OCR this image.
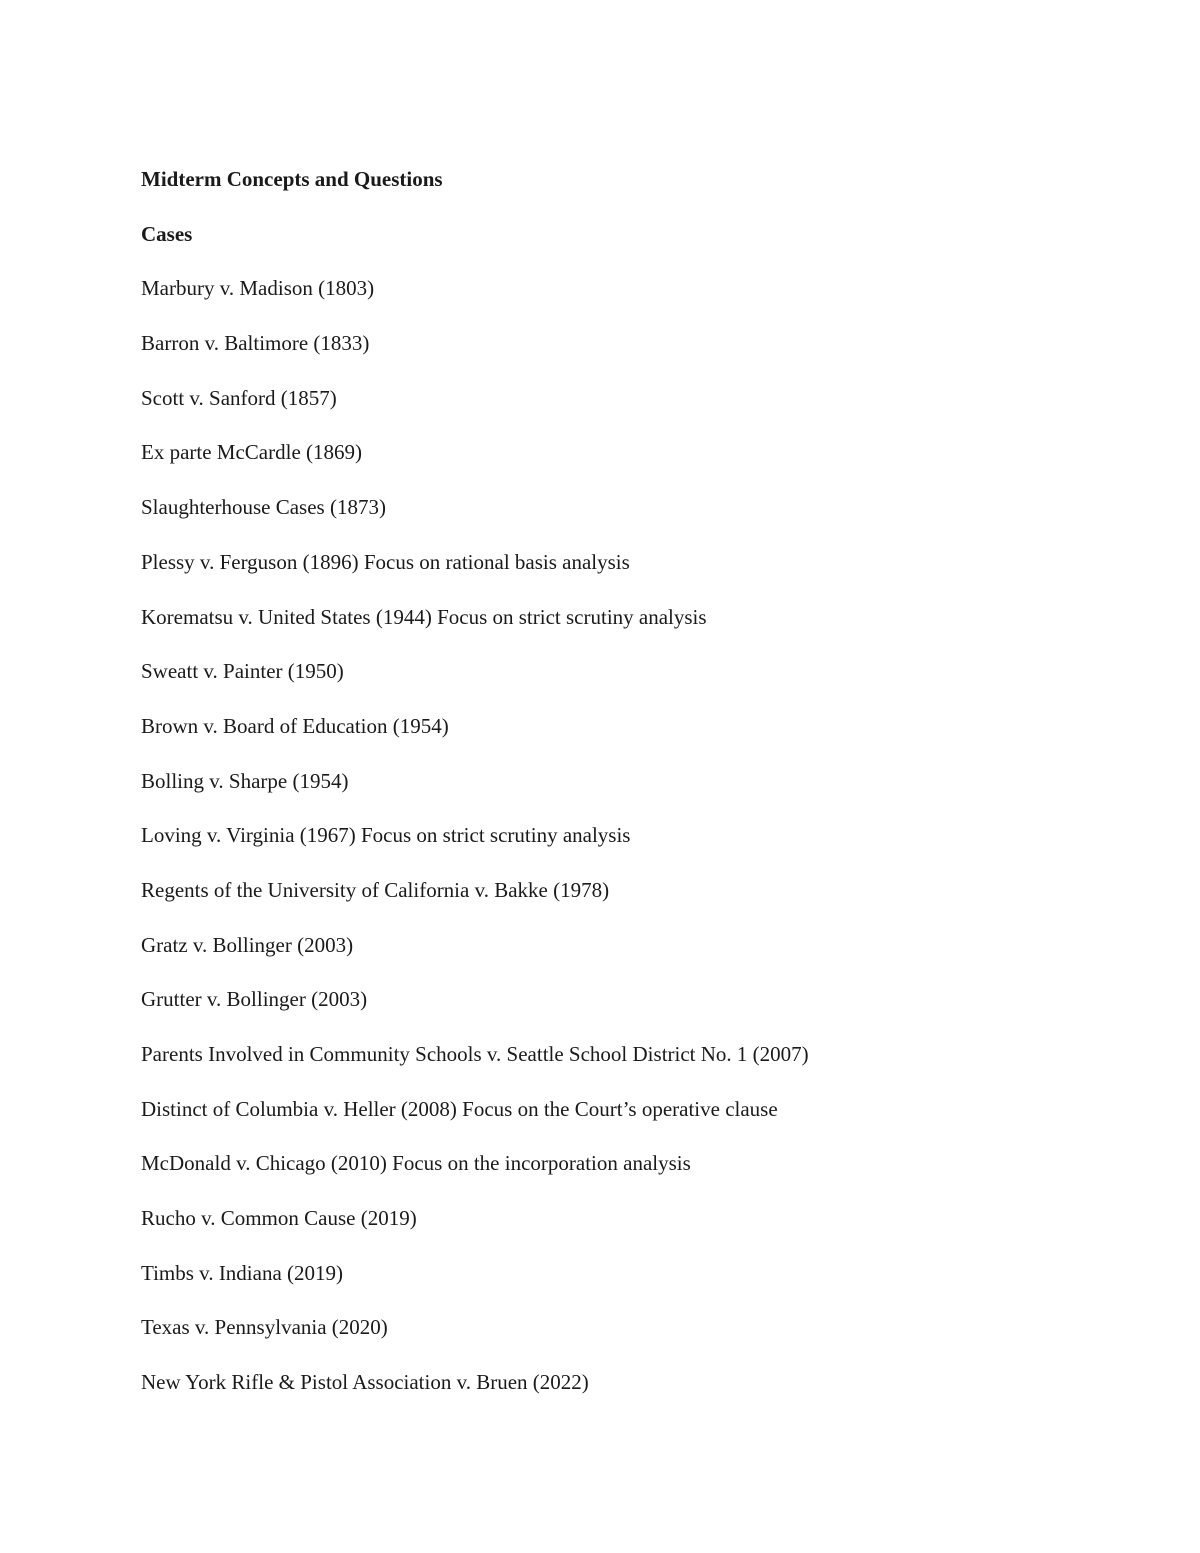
Midterm Concepts and Questions
Cases
Marbury v. Madison (1803)
Barron v. Baltimore (1833)
Scott v. Sanford (1857)
Ex parte McCardle (1869)
Slaughterhouse Cases (1873)
Plessy v. Ferguson (1896) Focus on rational basis analysis
Korematsu v. United States (1944) Focus on strict scrutiny analysis
Sweatt v. Painter (1950)
Brown v. Board of Education (1954)
Bolling v. Sharpe (1954)
Loving v. Virginia (1967) Focus on strict scrutiny analysis
Regents of the University of California v. Bakke (1978)
Gratz v. Bollinger (2003)
Grutter v. Bollinger (2003)
Parents Involved in Community Schools v. Seattle School District No. 1 (2007)
Distinct of Columbia v. Heller (2008) Focus on the Court’s operative clause
McDonald v. Chicago (2010) Focus on the incorporation analysis
Rucho v. Common Cause (2019)
Timbs v. Indiana (2019)
Texas v. Pennsylvania (2020)
New York Rifle & Pistol Association v. Bruen (2022)
